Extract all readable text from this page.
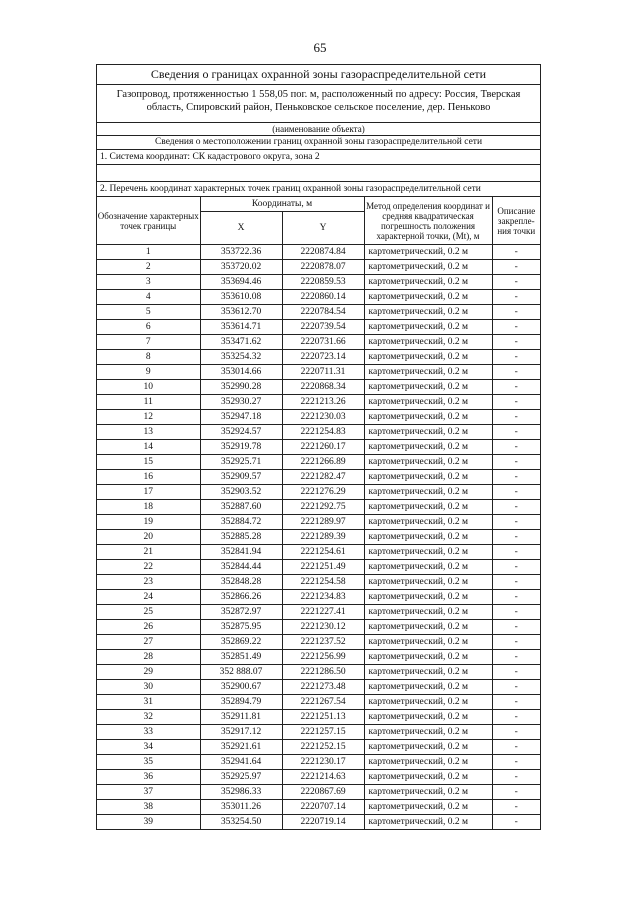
65
Сведения о границах охранной зоны газораспределительной сети
Газопровод, протяженностью 1 558,05 пог. м, расположенный по адресу: Россия, Тверская
область, Спировский район, Пеньковское сельское поселение, дер. Пеньково
(наименование объекта)
Сведения о местоположении границ охранной зоны газораспределительной сети
1. Система координат: СК кадастрового округа, зона 2
2. Перечень координат характерных точек границ охранной зоны газораспределительной сети
Обозначение характерных точек границы	Координаты, м		Метод определения координат и средняя квадратическая погрешность положения характерной точки, (Mt), м	Описание закрепле-ния точки
	X	Y		
1	353722.36	2220874.84	картометрический, 0.2 м	-
2	353720.02	2220878.07	картометрический, 0.2 м	-
3	353694.46	2220859.53	картометрический, 0.2 м	-
4	353610.08	2220860.14	картометрический, 0.2 м	-
5	353612.70	2220784.54	картометрический, 0.2 м	-
6	353614.71	2220739.54	картометрический, 0.2 м	-
7	353471.62	2220731.66	картометрический, 0.2 м	-
8	353254.32	2220723.14	картометрический, 0.2 м	-
9	353014.66	2220711.31	картометрический, 0.2 м	-
10	352990.28	2220868.34	картометрический, 0.2 м	-
11	352930.27	2221213.26	картометрический, 0.2 м	-
12	352947.18	2221230.03	картометрический, 0.2 м	-
13	352924.57	2221254.83	картометрический, 0.2 м	-
14	352919.78	2221260.17	картометрический, 0.2 м	-
15	352925.71	2221266.89	картометрический, 0.2 м	-
16	352909.57	2221282.47	картометрический, 0.2 м	-
17	352903.52	2221276.29	картометрический, 0.2 м	-
18	352887.60	2221292.75	картометрический, 0.2 м	-
19	352884.72	2221289.97	картометрический, 0.2 м	-
20	352885.28	2221289.39	картометрический, 0.2 м	-
21	352841.94	2221254.61	картометрический, 0.2 м	-
22	352844.44	2221251.49	картометрический, 0.2 м	-
23	352848.28	2221254.58	картометрический, 0.2 м	-
24	352866.26	2221234.83	картометрический, 0.2 м	-
25	352872.97	2221227.41	картометрический, 0.2 м	-
26	352875.95	2221230.12	картометрический, 0.2 м	-
27	352869.22	2221237.52	картометрический, 0.2 м	-
28	352851.49	2221256.99	картометрический, 0.2 м	-
29	352 888.07	2221286.50	картометрический, 0.2 м	-
30	352900.67	2221273.48	картометрический, 0.2 м	-
31	352894.79	2221267.54	картометрический, 0.2 м	-
32	352911.81	2221251.13	картометрический, 0.2 м	-
33	352917.12	2221257.15	картометрический, 0.2 м	-
34	352921.61	2221252.15	картометрический, 0.2 м	-
35	352941.64	2221230.17	картометрический, 0.2 м	-
36	352925.97	2221214.63	картометрический, 0.2 м	-
37	352986.33	2220867.69	картометрический, 0.2 м	-
38	353011.26	2220707.14	картометрический, 0.2 м	-
39	353254.50	2220719.14	картометрический, 0.2 м	-
